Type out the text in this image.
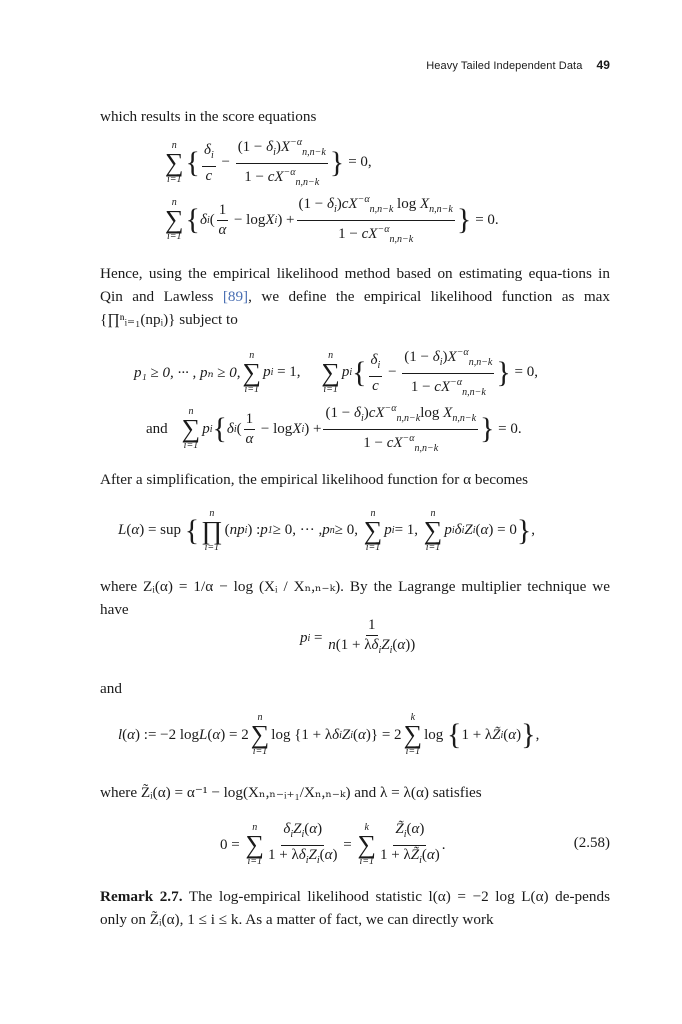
Heavy Tailed Independent Data 49
which results in the score equations
n
∑
i=1
{ $\frac{\delta_i}{c} - \frac{(1 - \delta_i)X^{-\alpha}_{n,n-k}}{1 - cX^{-\alpha}_{n,n-k}}$ } = 0,
n
∑
i=1
{ δ i ( $\frac{1}{\alpha} - \log X$ i ) + $\frac{(1 - \delta_i)cX^{-\alpha}_{n,n-k} \log X_{n,n-k}}{1 - cX^{-\alpha}_{n,n-k}}$ } = 0.
Hence, using the empirical likelihood method based on estimating equa-tions in Qin and Lawless [89], we define the empirical likelihood function as max {∏ⁿᵢ₌₁(npᵢ)} subject to
p₁ ≥ 0, ··· , pₙ ≥ 0,
n
∑
i=1
p i = 1,
n
∑
i=1
p i { $\frac{\delta_i}{c} - \frac{(1 - \delta_i)X^{-\alpha}_{n,n-k}}{1 - cX^{-\alpha}_{n,n-k}}$ } = 0,
and
n
∑
i=1
p i { δ i ( $\frac{1}{\alpha} - \log X$ i ) + $\frac{(1 - \delta_i)cX^{-\alpha}_{n,n-k}\log X_{n,n-k}}{1 - cX^{-\alpha}_{n,n-k}}$ } = 0.
After a simplification, the empirical likelihood function for α becomes
L ( α ) = sup {
n
∏
i=1
( np i ) : p 1 ≥ 0, ··· , p n ≥ 0,
n
∑
i=1
p i = 1,
n
∑
i=1
p i δ i Z i ( α ) = 0 } ,
where Zᵢ(α) = 1/α − log (Xᵢ / Xₙ,ₙ₋ₖ). By the Lagrange multiplier technique we have
p $i = \frac{1}{n(1 + \lambda\delta_iZ_i(\alpha))}$
and
l ( α ) := −2 log L ( α ) = 2
n
∑
i=1
log {1 + λ δ i Z i ( α )} = 2
k
∑
i=1
log { 1 + λ Z̃ i ( α ) } ,
where Z̃ᵢ(α) = α⁻¹ − log(Xₙ,ₙ₋ᵢ₊₁/Xₙ,ₙ₋ₖ) and λ = λ(α) satisfies
0 =
n
∑
$i=1 \frac{\delta_iZ_i(\alpha)}{1 + \lambda\delta_iZ_i(\alpha)}$ =
k
∑
$i=1 \frac{Z̃_i(\alpha)}{1 + \lambda Z̃_i(\alpha)}$ .	(2.58)
Remark 2.7. The log-empirical likelihood statistic l(α) = −2 log L(α) de-pends only on Z̃ᵢ(α), 1 ≤ i ≤ k. As a matter of fact, we can directly work
